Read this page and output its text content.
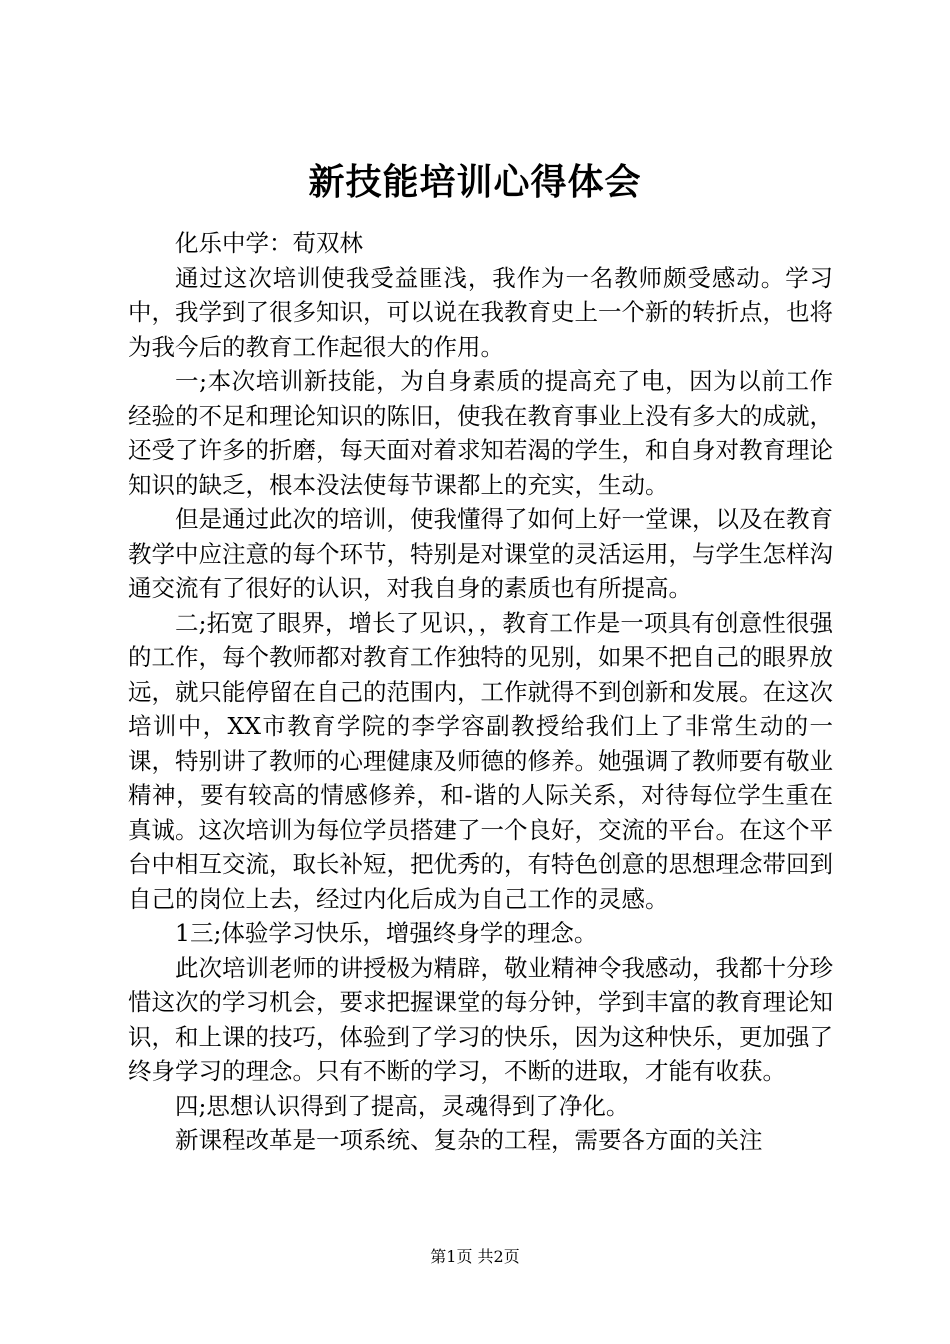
新技能培训心得体会

化乐中学：荀双林

通过这次培训使我受益匪浅，我作为一名教师颇受感动。学习中，我学到了很多知识，可以说在我教育史上一个新的转折点，也将为我今后的教育工作起很大的作用。

一;本次培训新技能，为自身素质的提高充了电，因为以前工作经验的不足和理论知识的陈旧，使我在教育事业上没有多大的成就，还受了许多的折磨，每天面对着求知若渴的学生，和自身对教育理论知识的缺乏，根本没法使每节课都上的充实，生动。

但是通过此次的培训，使我懂得了如何上好一堂课，以及在教育教学中应注意的每个环节，特别是对课堂的灵活运用，与学生怎样沟通交流有了很好的认识，对我自身的素质也有所提高。

二;拓宽了眼界，增长了见识，，教育工作是一项具有创意性很强的工作，每个教师都对教育工作独特的见别，如果不把自己的眼界放远，就只能停留在自己的范围内，工作就得不到创新和发展。在这次培训中，XX市教育学院的李学容副教授给我们上了非常生动的一课，特别讲了教师的心理健康及师德的修养。她强调了教师要有敬业精神，要有较高的情感修养，和-谐的人际关系，对待每位学生重在真诚。这次培训为每位学员搭建了一个良好，交流的平台。在这个平台中相互交流，取长补短，把优秀的，有特色创意的思想理念带回到自己的岗位上去，经过内化后成为自己工作的灵感。

1三;体验学习快乐，增强终身学的理念。

此次培训老师的讲授极为精辟，敬业精神令我感动，我都十分珍惜这次的学习机会，要求把握课堂的每分钟，学到丰富的教育理论知识，和上课的技巧，体验到了学习的快乐，因为这种快乐，更加强了终身学习的理念。只有不断的学习，不断的进取，才能有收获。

四;思想认识得到了提高，灵魂得到了净化。

新课程改革是一项系统、复杂的工程，需要各方面的关注

第1页 共2页
